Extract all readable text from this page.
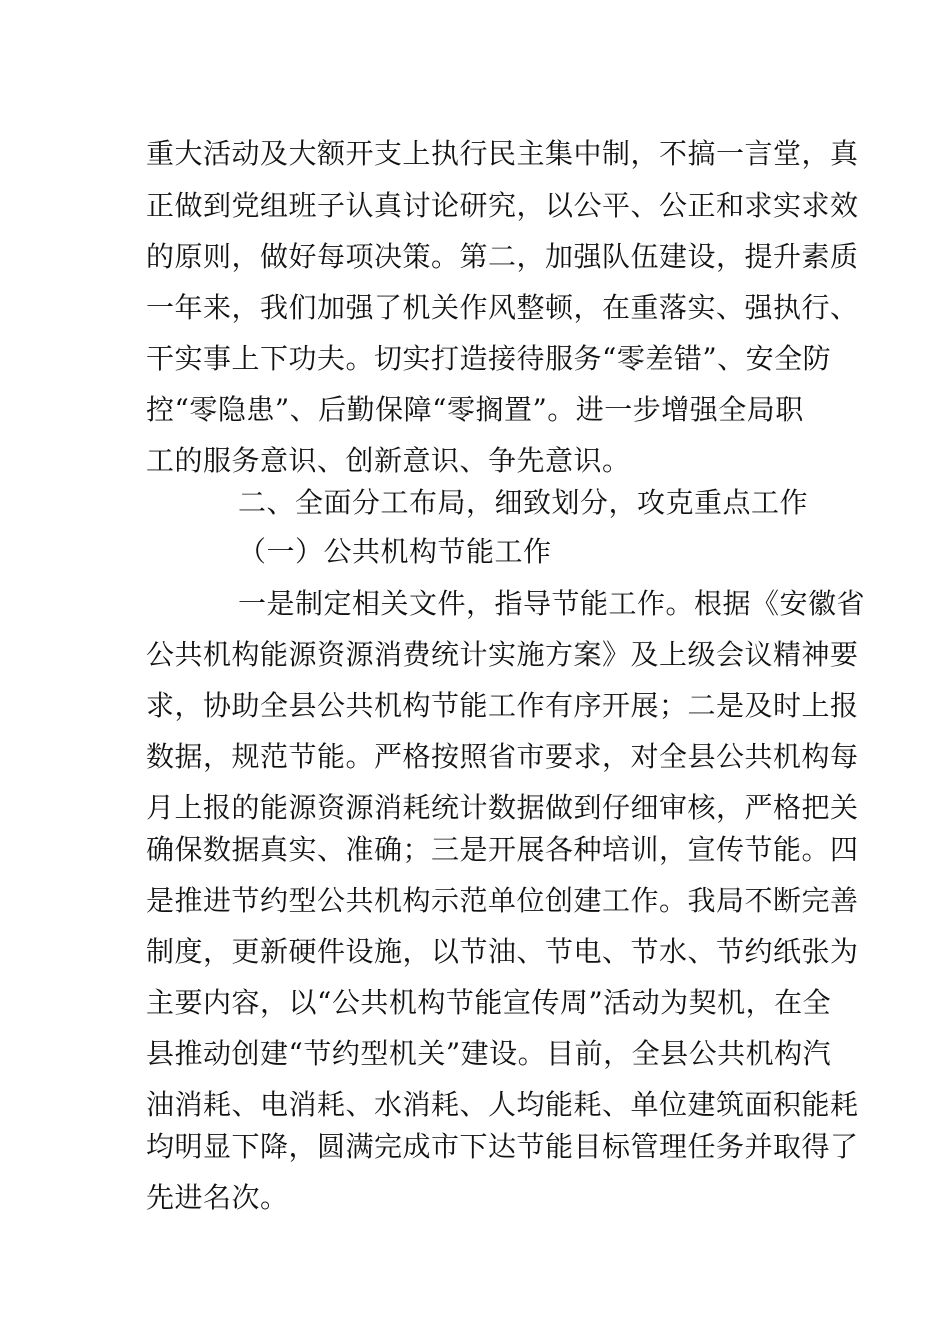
重大活动及大额开支上执行民主集中制，不搞一言堂，真
正做到党组班子认真讨论研究，以公平、公正和求实求效
的原则，做好每项决策。第二，加强队伍建设，提升素质
一年来，我们加强了机关作风整顿，在重落实、强执行、
干实事上下功夫。切实打造接待服务“零差错”、安全防
控“零隐患”、后勤保障“零搁置”。进一步增强全局职
工的服务意识、创新意识、争先意识。
二、全面分工布局，细致划分，攻克重点工作
（一）公共机构节能工作
一是制定相关文件，指导节能工作。根据《安徽省
公共机构能源资源消费统计实施方案》及上级会议精神要
求，协助全县公共机构节能工作有序开展；二是及时上报
数据，规范节能。严格按照省市要求，对全县公共机构每
月上报的能源资源消耗统计数据做到仔细审核，严格把关
确保数据真实、准确；三是开展各种培训，宣传节能。四
是推进节约型公共机构示范单位创建工作。我局不断完善
制度，更新硬件设施，以节油、节电、节水、节约纸张为
主要内容，以“公共机构节能宣传周”活动为契机，在全
县推动创建“节约型机关”建设。目前，全县公共机构汽
油消耗、电消耗、水消耗、人均能耗、单位建筑面积能耗
均明显下降，圆满完成市下达节能目标管理任务并取得了
先进名次。
